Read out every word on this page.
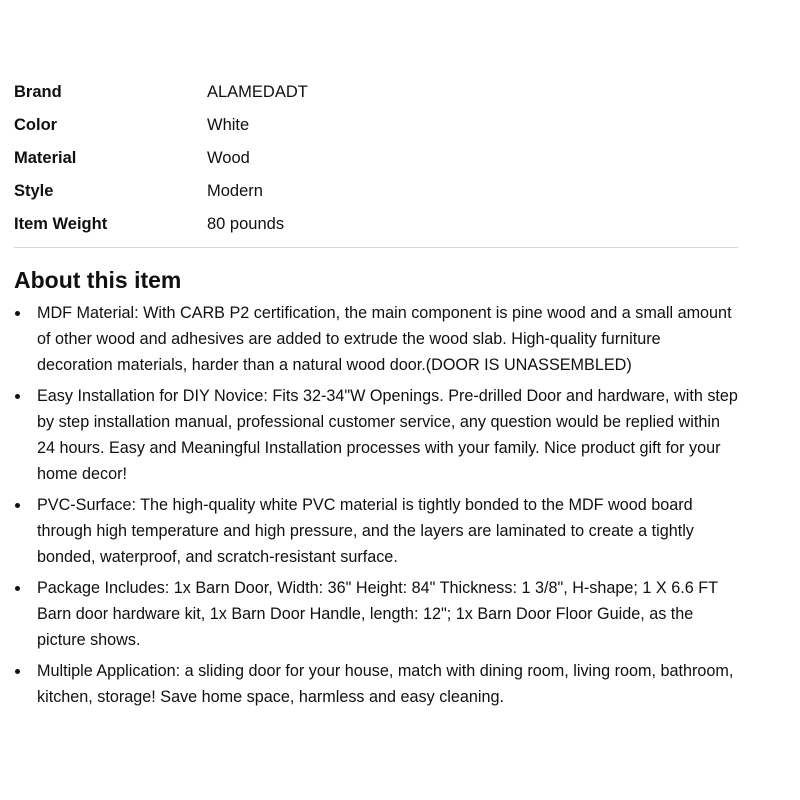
Brand	ALAMEDADT
Color	White
Material	Wood
Style	Modern
Item Weight	80 pounds
About this item
MDF Material: With CARB P2 certification, the main component is pine wood and a small amount of other wood and adhesives are added to extrude the wood slab. High-quality furniture decoration materials, harder than a natural wood door.(DOOR IS UNASSEMBLED)
Easy Installation for DIY Novice: Fits 32-34"W Openings. Pre-drilled Door and hardware, with step by step installation manual, professional customer service, any question would be replied within 24 hours. Easy and Meaningful Installation processes with your family. Nice product gift for your home decor!
PVC-Surface: The high-quality white PVC material is tightly bonded to the MDF wood board through high temperature and high pressure, and the layers are laminated to create a tightly bonded, waterproof, and scratch-resistant surface.
Package Includes: 1x Barn Door, Width: 36" Height: 84" Thickness: 1 3/8", H-shape; 1 X 6.6 FT Barn door hardware kit, 1x Barn Door Handle, length: 12"; 1x Barn Door Floor Guide, as the picture shows.
Multiple Application: a sliding door for your house, match with dining room, living room, bathroom, kitchen, storage! Save home space, harmless and easy cleaning.
